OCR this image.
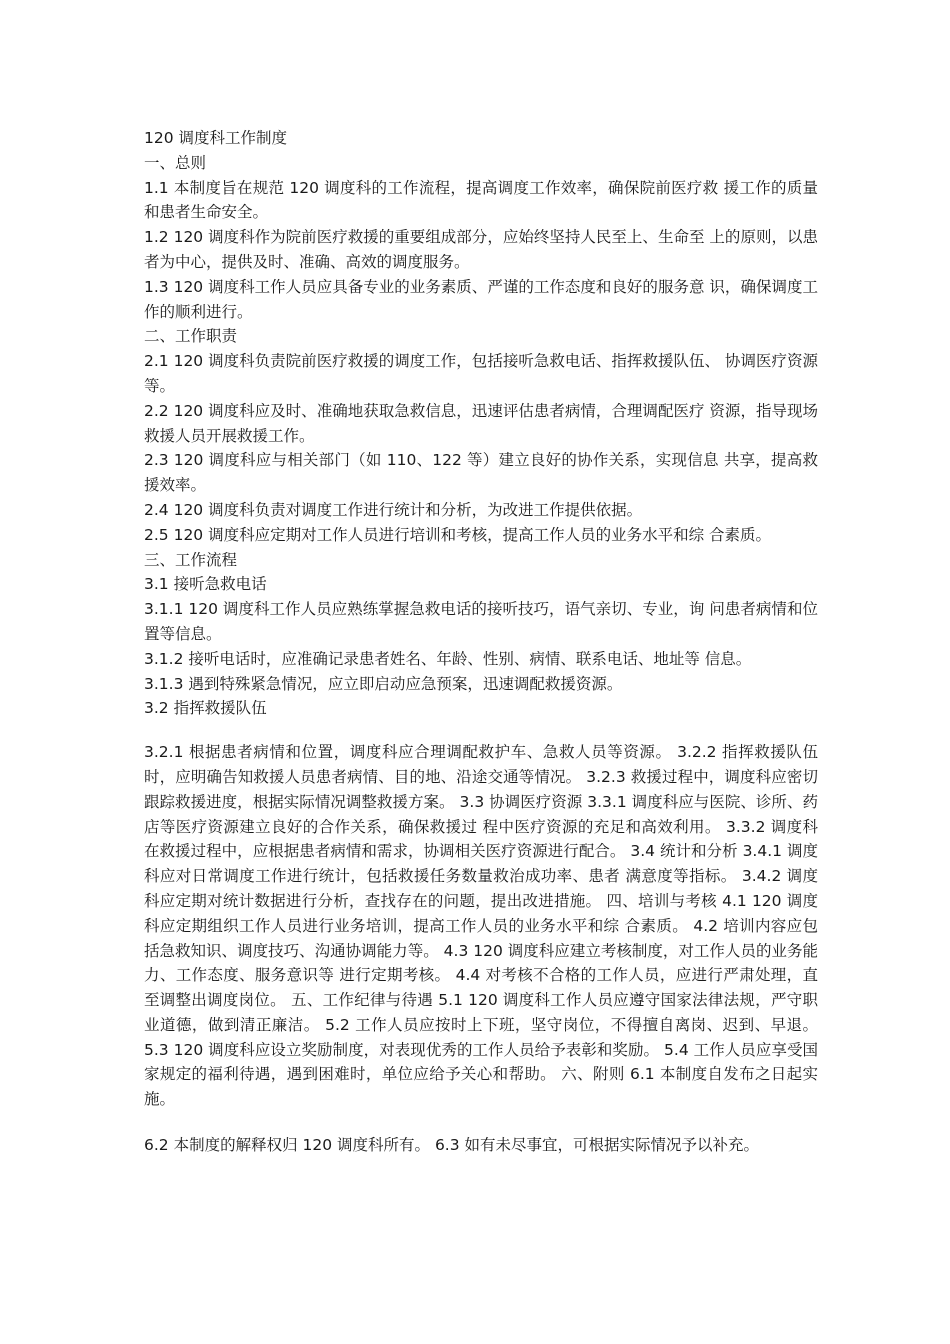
120 调度科工作制度

一、总则

1.1 本制度旨在规范 120 调度科的工作流程，提高调度工作效率，确保院前医疗救 援工作的质量和患者生命安全。

1.2 120 调度科作为院前医疗救援的重要组成部分，应始终坚持人民至上、生命至 上的原则，以患者为中心，提供及时、准确、高效的调度服务。

1.3 120 调度科工作人员应具备专业的业务素质、严谨的工作态度和良好的服务意 识，确保调度工作的顺利进行。

二、工作职责

2.1 120 调度科负责院前医疗救援的调度工作，包括接听急救电话、指挥救援队伍、 协调医疗资源等。

2.2 120 调度科应及时、准确地获取急救信息，迅速评估患者病情，合理调配医疗 资源，指导现场救援人员开展救援工作。

2.3 120 调度科应与相关部门（如 110、122 等）建立良好的协作关系，实现信息 共享，提高救援效率。

2.4 120 调度科负责对调度工作进行统计和分析，为改进工作提供依据。

2.5 120 调度科应定期对工作人员进行培训和考核，提高工作人员的业务水平和综 合素质。

三、工作流程

3.1 接听急救电话

3.1.1 120 调度科工作人员应熟练掌握急救电话的接听技巧，语气亲切、专业，询 问患者病情和位置等信息。

3.1.2 接听电话时，应准确记录患者姓名、年龄、性别、病情、联系电话、地址等 信息。

3.1.3 遇到特殊紧急情况，应立即启动应急预案，迅速调配救援资源。

3.2 指挥救援队伍

3.2.1 根据患者病情和位置，调度科应合理调配救护车、急救人员等资源。 3.2.2 指挥救援队伍时，应明确告知救援人员患者病情、目的地、沿途交通等情况。 3.2.3 救援过程中，调度科应密切跟踪救援进度，根据实际情况调整救援方案。 3.3 协调医疗资源 3.3.1 调度科应与医院、诊所、药店等医疗资源建立良好的合作关系，确保救援过 程中医疗资源的充足和高效利用。 3.3.2 调度科在救援过程中，应根据患者病情和需求，协调相关医疗资源进行配合。 3.4 统计和分析 3.4.1 调度科应对日常调度工作进行统计，包括救援任务数量救治成功率、患者 满意度等指标。 3.4.2 调度科应定期对统计数据进行分析，查找存在的问题，提出改进措施。 四、培训与考核 4.1 120 调度科应定期组织工作人员进行业务培训，提高工作人员的业务水平和综 合素质。 4.2 培训内容应包括急救知识、调度技巧、沟通协调能力等。 4.3 120 调度科应建立考核制度，对工作人员的业务能力、工作态度、服务意识等 进行定期考核。 4.4 对考核不合格的工作人员，应进行严肃处理，直至调整出调度岗位。 五、工作纪律与待遇 5.1 120 调度科工作人员应遵守国家法律法规，严守职业道德，做到清正廉洁。 5.2 工作人员应按时上下班，坚守岗位，不得擅自离岗、迟到、早退。 5.3 120 调度科应设立奖励制度，对表现优秀的工作人员给予表彰和奖励。 5.4 工作人员应享受国家规定的福利待遇，遇到困难时，单位应给予关心和帮助。 六、附则 6.1 本制度自发布之日起实施。

6.2 本制度的解释权归 120 调度科所有。 6.3 如有未尽事宜，可根据实际情况予以补充。
